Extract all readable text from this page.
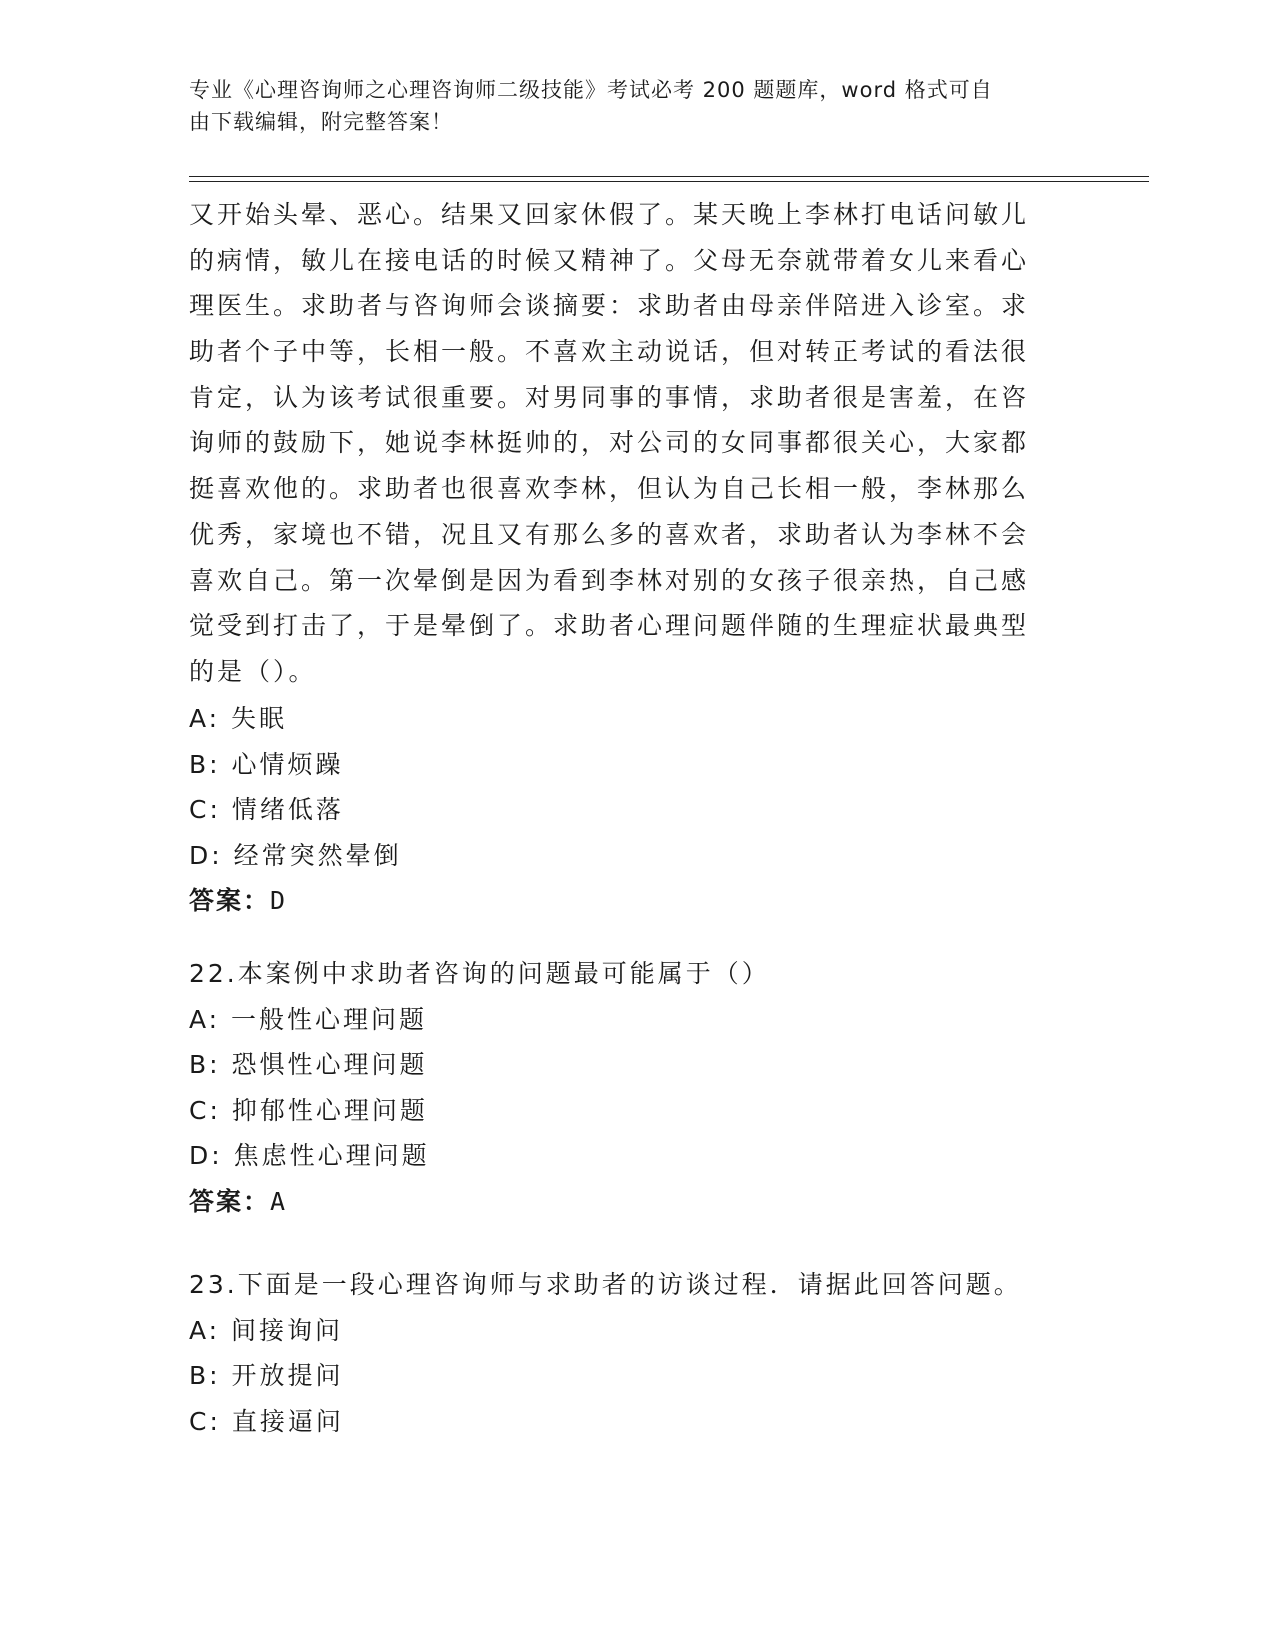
专业《心理咨询师之心理咨询师二级技能》考试必考 200 题题库，word 格式可自
由下载编辑，附完整答案！
又开始头晕、恶心。结果又回家休假了。某天晚上李林打电话问敏儿
的病情，敏儿在接电话的时候又精神了。父母无奈就带着女儿来看心
理医生。求助者与咨询师会谈摘要：求助者由母亲伴陪进入诊室。求
助者个子中等，长相一般。不喜欢主动说话，但对转正考试的看法很
肯定，认为该考试很重要。对男同事的事情，求助者很是害羞，在咨
询师的鼓励下，她说李林挺帅的，对公司的女同事都很关心，大家都
挺喜欢他的。求助者也很喜欢李林，但认为自己长相一般，李林那么
优秀，家境也不错，况且又有那么多的喜欢者，求助者认为李林不会
喜欢自己。第一次晕倒是因为看到李林对别的女孩子很亲热，自己感
觉受到打击了，于是晕倒了。求助者心理问题伴随的生理症状最典型
的是（）。
A: 失眠
B: 心情烦躁
C: 情绪低落
D: 经常突然晕倒
答案：D
22.本案例中求助者咨询的问题最可能属于（）
A: 一般性心理问题
B: 恐惧性心理问题
C: 抑郁性心理问题
D: 焦虑性心理问题
答案：A
23.下面是一段心理咨询师与求助者的访谈过程．请据此回答问题。
A: 间接询问
B: 开放提问
C: 直接逼问
